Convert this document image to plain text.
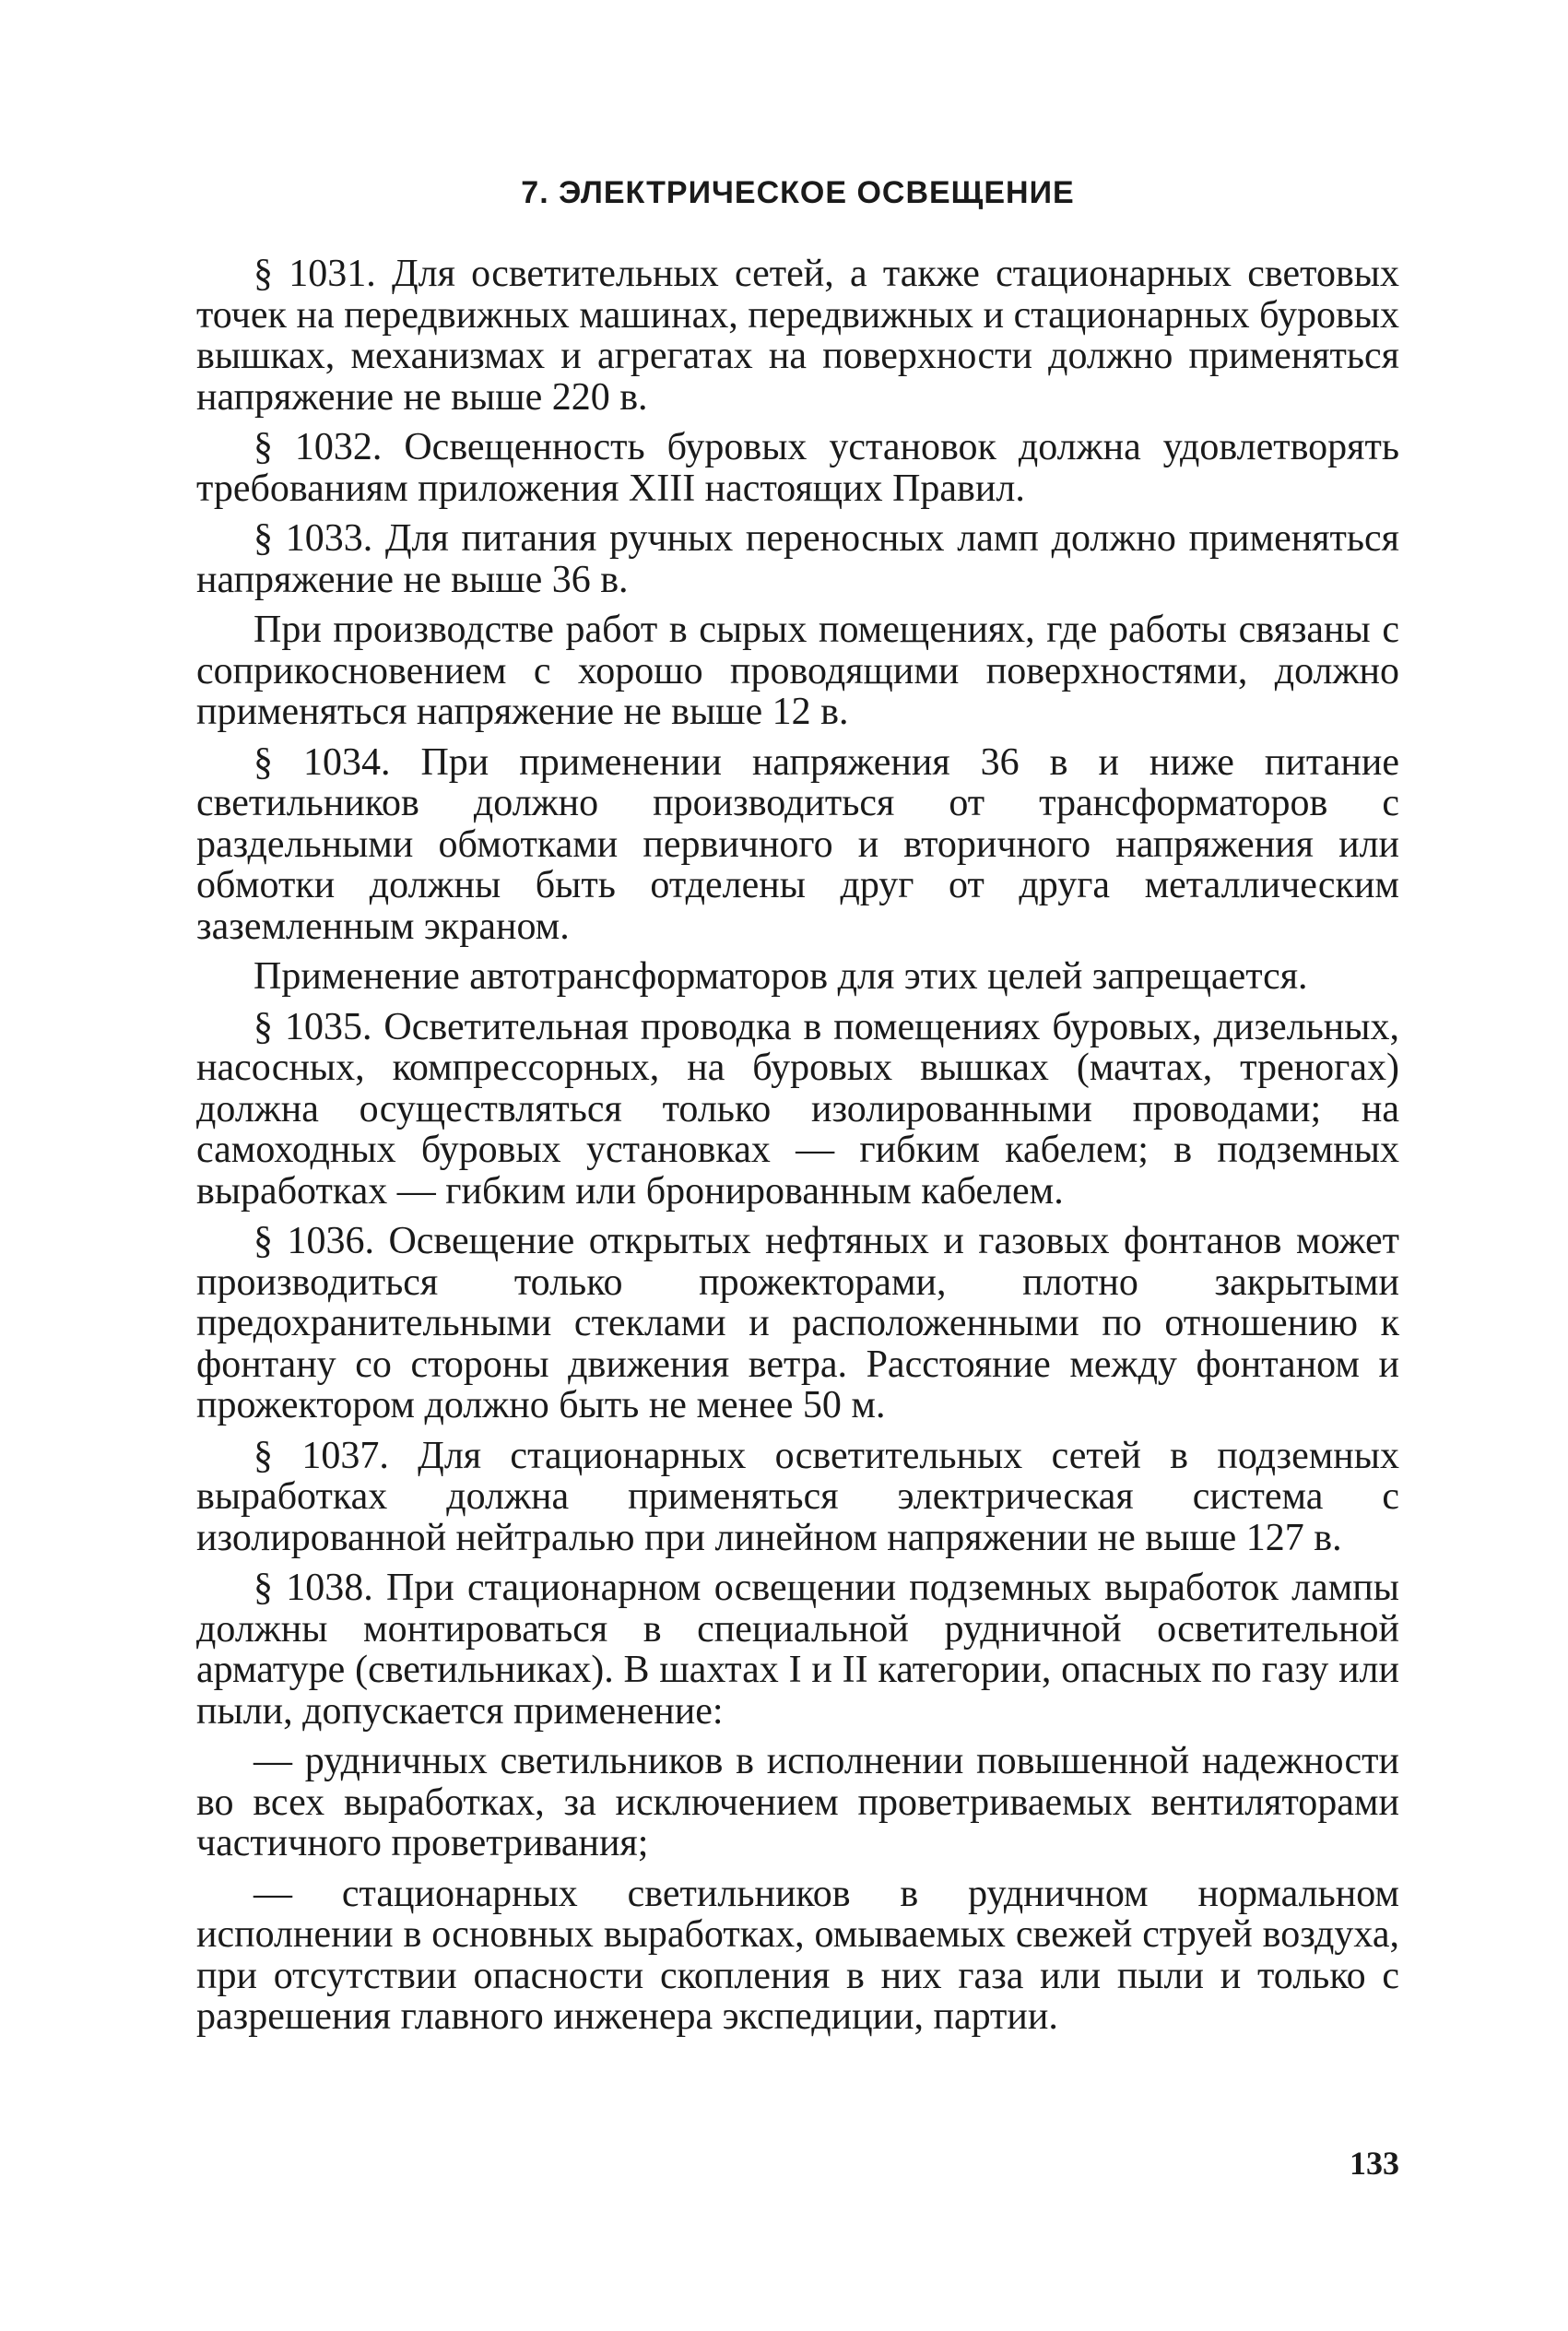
7. ЭЛЕКТРИЧЕСКОЕ ОСВЕЩЕНИЕ

§ 1031. Для осветительных сетей, а также стационарных световых точек на передвижных машинах, передвижных и стационарных буровых вышках, механизмах и агрегатах на поверхности должно применяться напряжение не выше 220 в.

§ 1032. Освещенность буровых установок должна удовлетворять требованиям приложения XIII настоящих Правил.

§ 1033. Для питания ручных переносных ламп должно применяться напряжение не выше 36 в.

При производстве работ в сырых помещениях, где работы связаны с соприкосновением с хорошо проводящими поверхностями, должно применяться напряжение не выше 12 в.

§ 1034. При применении напряжения 36 в и ниже питание светильников должно производиться от трансформаторов с раздельными обмотками первичного и вторичного напряжения или обмотки должны быть отделены друг от друга металлическим заземленным экраном.

Применение автотрансформаторов для этих целей запрещается.

§ 1035. Осветительная проводка в помещениях буровых, дизельных, насосных, компрессорных, на буровых вышках (мачтах, треногах) должна осуществляться только изолированными проводами; на самоходных буровых установках — гибким кабелем; в подземных выработках — гибким или бронированным кабелем.

§ 1036. Освещение открытых нефтяных и газовых фонтанов может производиться только прожекторами, плотно закрытыми предохранительными стеклами и расположенными по отношению к фонтану со стороны движения ветра. Расстояние между фонтаном и прожектором должно быть не менее 50 м.

§ 1037. Для стационарных осветительных сетей в подземных выработках должна применяться электрическая система с изолированной нейтралью при линейном напряжении не выше 127 в.

§ 1038. При стационарном освещении подземных выработок лампы должны монтироваться в специальной рудничной осветительной арматуре (светильниках). В шахтах I и II категории, опасных по газу или пыли, допускается применение:

— рудничных светильников в исполнении повышенной надежности во всех выработках, за исключением проветриваемых вентиляторами частичного проветривания;

— стационарных светильников в рудничном нормальном исполнении в основных выработках, омываемых свежей струей воздуха, при отсутствии опасности скопления в них газа или пыли и только с разрешения главного инженера экспедиции, партии.

133
